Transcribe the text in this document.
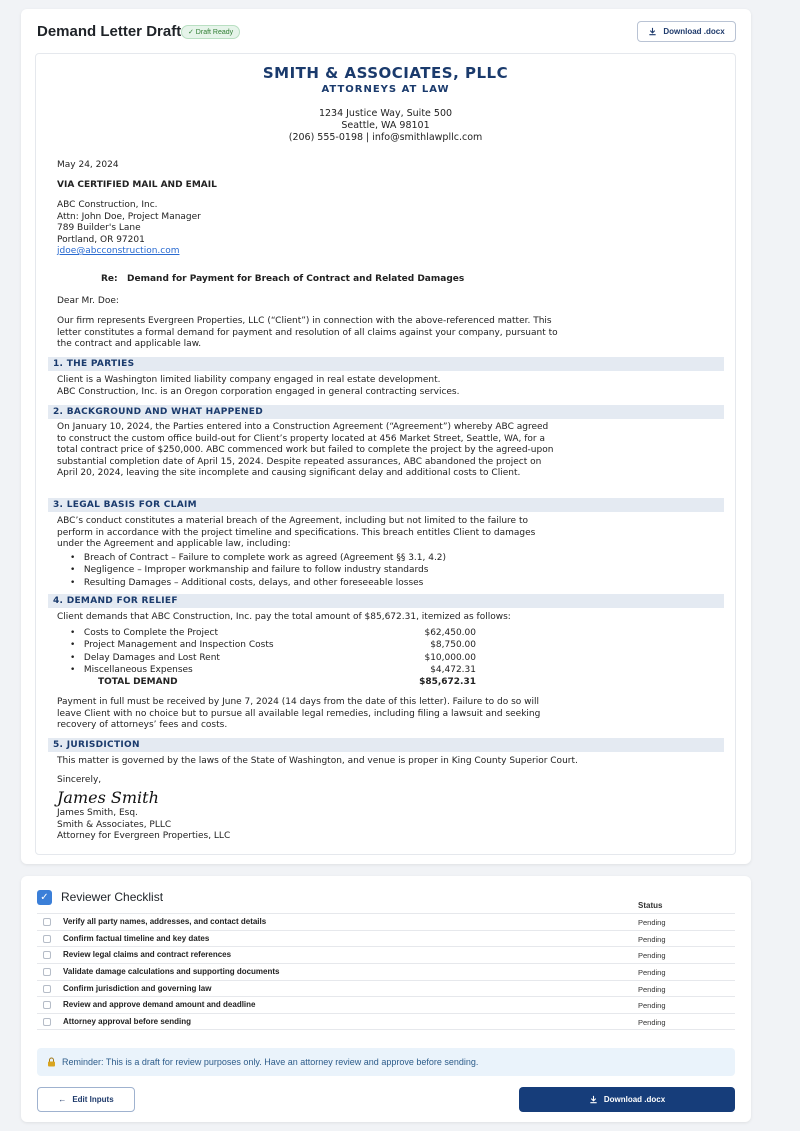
Demand Letter Draft ✓ Draft Ready	Download .docx
SMITH & ASSOCIATES, PLLC
ATTORNEYS AT LAW
1234 Justice Way, Suite 500
Seattle, WA 98101
(206) 555-0198 | info@smithlawpllc.com
May 24, 2024
VIA CERTIFIED MAIL AND EMAIL
ABC Construction, Inc.
Attn: John Doe, Project Manager
789 Builder's Lane
Portland, OR 97201
jdoe@abcconstruction.com
Re:   Demand for Payment for Breach of Contract and Related Damages
Dear Mr. Doe:
Our firm represents Evergreen Properties, LLC (“Client”) in connection with the above-referenced matter. This letter constitutes a formal demand for payment and resolution of all claims against your company, pursuant to the contract and applicable law.
1. THE PARTIES
Client is a Washington limited liability company engaged in real estate development.
ABC Construction, Inc. is an Oregon corporation engaged in general contracting services.
2. BACKGROUND AND WHAT HAPPENED
On January 10, 2024, the Parties entered into a Construction Agreement (“Agreement”) whereby ABC agreed to construct the custom office build-out for Client’s property located at 456 Market Street, Seattle, WA, for a total contract price of $250,000. ABC commenced work but failed to complete the project by the agreed-upon substantial completion date of April 15, 2024. Despite repeated assurances, ABC abandoned the project on April 20, 2024, leaving the site incomplete and causing significant delay and additional costs to Client.
3. LEGAL BASIS FOR CLAIM
ABC’s conduct constitutes a material breach of the Agreement, including but not limited to the failure to perform in accordance with the project timeline and specifications. This breach entitles Client to damages under the Agreement and applicable law, including:
•   Breach of Contract – Failure to complete work as agreed (Agreement §§ 3.1, 4.2)
•   Negligence – Improper workmanship and failure to follow industry standards
•   Resulting Damages – Additional costs, delays, and other foreseeable losses
4. DEMAND FOR RELIEF
Client demands that ABC Construction, Inc. pay the total amount of $85,672.31, itemized as follows:
•   Costs to Complete the Project	$62,450.00
•   Project Management and Inspection Costs	$8,750.00
•   Delay Damages and Lost Rent	$10,000.00
•   Miscellaneous Expenses	$4,472.31
TOTAL DEMAND	$85,672.31
Payment in full must be received by June 7, 2024 (14 days from the date of this letter). Failure to do so will leave Client with no choice but to pursue all available legal remedies, including filing a lawsuit and seeking recovery of attorneys’ fees and costs.
5. JURISDICTION
This matter is governed by the laws of the State of Washington, and venue is proper in King County Superior Court.
Sincerely,
James Smith
James Smith, Esq.
Smith & Associates, PLLC
Attorney for Evergreen Properties, LLC
✓ Reviewer Checklist
Status
Verify all party names, addresses, and contact details	Pending
Confirm factual timeline and key dates	Pending
Review legal claims and contract references	Pending
Validate damage calculations and supporting documents	Pending
Confirm jurisdiction and governing law	Pending
Review and approve demand amount and deadline	Pending
Attorney approval before sending	Pending
Reminder: This is a draft for review purposes only. Have an attorney review and approve before sending.
← Edit Inputs	Download .docx
